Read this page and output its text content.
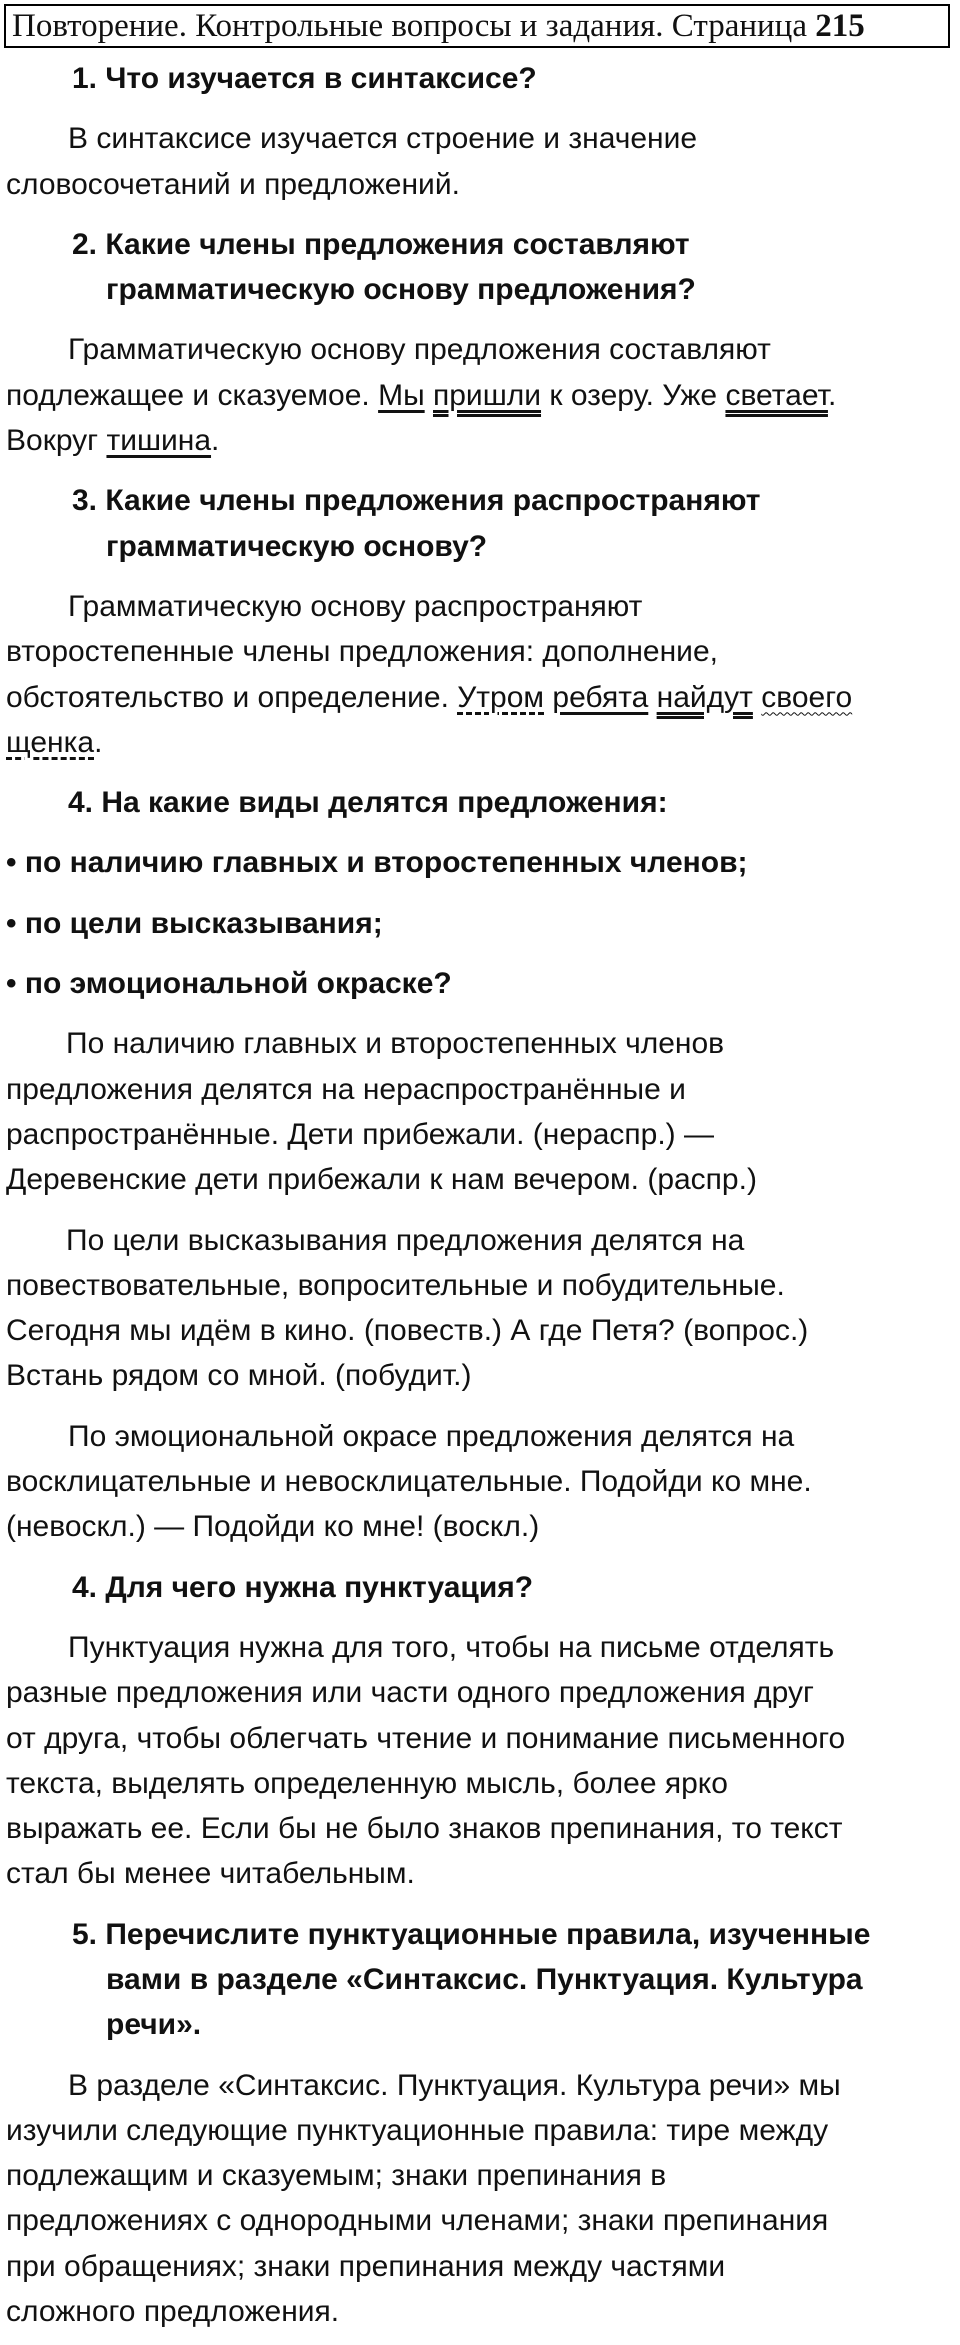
Повторение. Контрольные вопросы и задания. Страница 215
1. Что изучается в синтаксисе?
В синтаксисе изучается строение и значение
словосочетаний и предложений.
2. Какие члены предложения составляют
грамматическую основу предложения?
Грамматическую основу предложения составляют
подлежащее и сказуемое. Мы пришли к озеру. Уже светает.
Вокруг тишина.
3. Какие члены предложения распространяют
грамматическую основу?
Грамматическую основу распространяют
второстепенные члены предложения: дополнение,
обстоятельство и определение. Утром ребята найдут своего
щенка.
4. На какие виды делятся предложения:
• по наличию главных и второстепенных членов;
• по цели высказывания;
• по эмоциональной окраске?
По наличию главных и второстепенных членов
предложения делятся на нераспространённые и
распространённые. Дети прибежали. (нераспр.) —
Деревенские дети прибежали к нам вечером. (распр.)
По цели высказывания предложения делятся на
повествовательные, вопросительные и побудительные.
Сегодня мы идём в кино. (повеств.) А где Петя? (вопрос.)
Встань рядом со мной. (побудит.)
По эмоциональной окрасе предложения делятся на
восклицательные и невосклицательные. Подойди ко мне.
(невоскл.) — Подойди ко мне! (воскл.)
4. Для чего нужна пунктуация?
Пунктуация нужна для того, чтобы на письме отделять
разные предложения или части одного предложения друг
от друга, чтобы облегчать чтение и понимание письменного
текста, выделять определенную мысль, более ярко
выражать ее. Если бы не было знаков препинания, то текст
стал бы менее читабельным.
5. Перечислите пунктуационные правила, изученные
вами в разделе «Синтаксис. Пунктуация. Культура
речи».
В разделе «Синтаксис. Пунктуация. Культура речи» мы
изучили следующие пунктуационные правила: тире между
подлежащим и сказуемым; знаки препинания в
предложениях с однородными членами; знаки препинания
при обращениях; знаки препинания между частями
сложного предложения.
